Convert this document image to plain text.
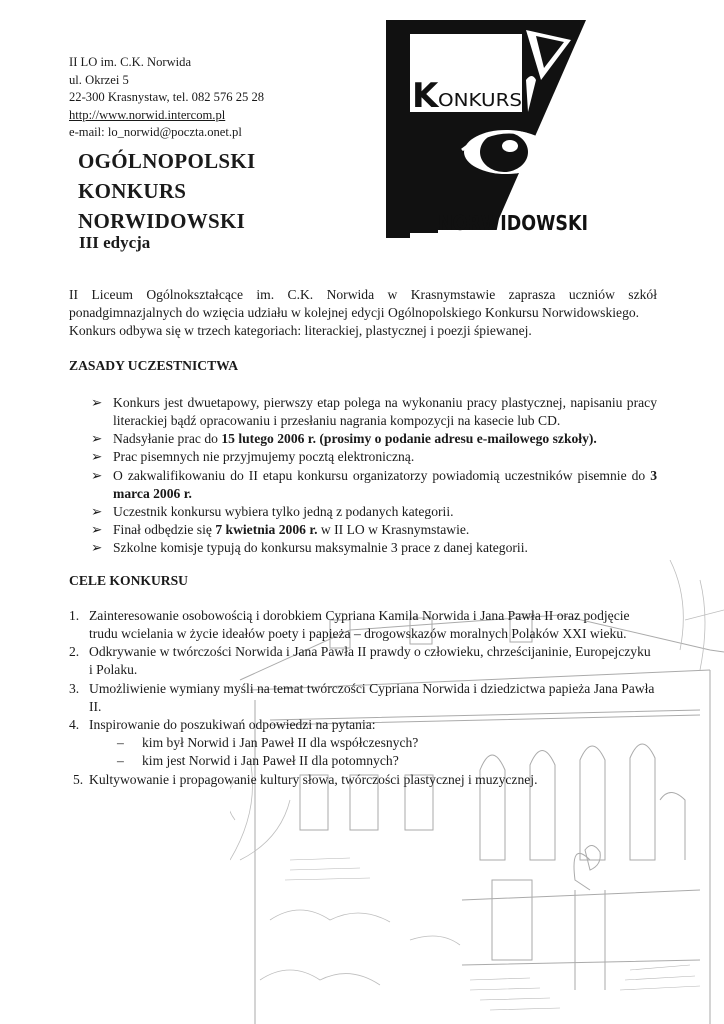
II LO im. C.K. Norwida
ul. Okrzei 5
22-300 Krasnystaw, tel. 082 576 25 28
http://www.norwid.intercom.pl
e-mail: lo_norwid@poczta.onet.pl
K ONKURS
NORWIDOWSKI
OGÓLNOPOLSKI
KONKURS
NORWIDOWSKI
III edycja

II Liceum Ogólnokształcące im. C.K. Norwida w Krasnymstawie zaprasza uczniów szkół ponadgimnazjalnych do wzięcia udziału w kolejnej edycji Ogólnopolskiego Konkursu Norwidowskiego.

Konkurs odbywa się w trzech kategoriach: literackiej, plastycznej i poezji śpiewanej.

ZASADY UCZESTNICTWA
➢ Konkurs jest dwuetapowy, pierwszy etap polega na wykonaniu pracy plastycznej, napisaniu pracy literackiej bądź opracowaniu i przesłaniu nagrania kompozycji na kasecie lub CD.
➢ Nadsyłanie prac do 15 lutego 2006 r. (prosimy o podanie adresu e-mailowego szkoły).
➢ Prac pisemnych nie przyjmujemy pocztą elektroniczną.
➢ O zakwalifikowaniu do II etapu konkursu organizatorzy powiadomią uczestników pisemnie do 3 marca 2006 r.
➢ Uczestnik konkursu wybiera tylko jedną z podanych kategorii.
➢ Finał odbędzie się 7 kwietnia 2006 r. w II LO w Krasnymstawie.
➢ Szkolne komisje typują do konkursu maksymalnie 3 prace z danej kategorii.
CELE KONKURSU
1. Zainteresowanie osobowością i dorobkiem Cypriana Kamila Norwida i Jana Pawła II oraz podjęcie trudu wcielania w życie ideałów poety i papieża – drogowskazów moralnych Polaków XXI wieku.
2. Odkrywanie w twórczości Norwida i Jana Pawła II prawdy o człowieku, chrześcijaninie, Europejczyku i Polaku.
3. Umożliwienie wymiany myśli na temat twórczości Cypriana Norwida i dziedzictwa papieża Jana Pawła II.
4. Inspirowanie do poszukiwań odpowiedzi na pytania:
– kim był Norwid i Jan Paweł II dla współczesnych?
– kim jest Norwid i Jan Paweł II dla potomnych?
5. Kultywowanie i propagowanie kultury słowa, twórczości plastycznej i muzycznej.
